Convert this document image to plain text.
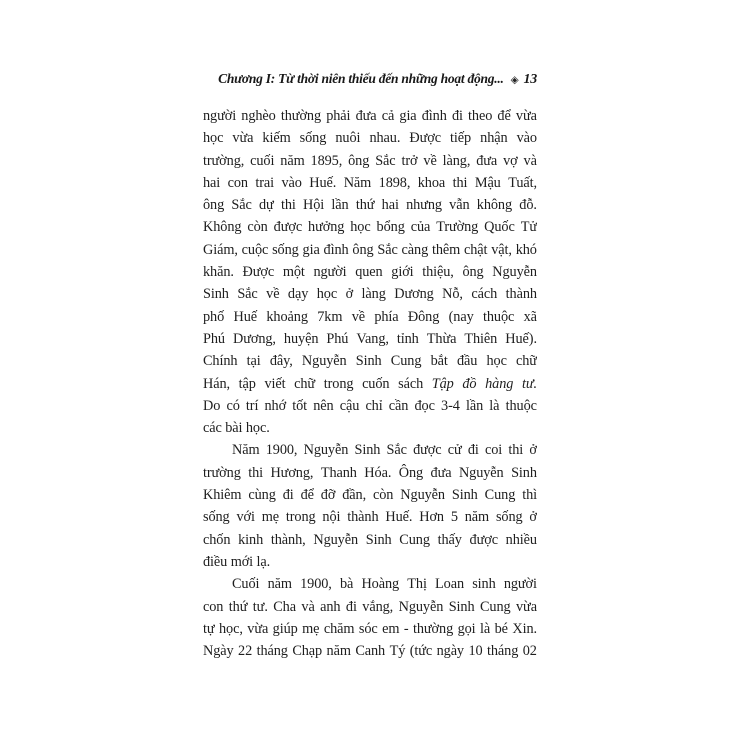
Chương I: Từ thời niên thiếu đến những hoạt động... ◈ 13
người nghèo thường phải đưa cả gia đình đi theo để vừa
học vừa kiếm sống nuôi nhau. Được tiếp nhận vào
trường, cuối năm 1895, ông Sắc trở về làng, đưa vợ và
hai con trai vào Huế. Năm 1898, khoa thi Mậu Tuất,
ông Sắc dự thi Hội lần thứ hai nhưng vẫn không đỗ.
Không còn được hưởng học bổng của Trường Quốc Tử
Giám, cuộc sống gia đình ông Sắc càng thêm chật vật, khó
khăn. Được một người quen giới thiệu, ông Nguyễn
Sinh Sắc về dạy học ở làng Dương Nỗ, cách thành
phố Huế khoảng 7km về phía Đông (nay thuộc xã
Phú Dương, huyện Phú Vang, tỉnh Thừa Thiên Huế).
Chính tại đây, Nguyễn Sinh Cung bắt đầu học chữ
Hán, tập viết chữ trong cuốn sách Tập đồ hàng tư.
Do có trí nhớ tốt nên cậu chỉ cần đọc 3-4 lần là thuộc
các bài học.
Năm 1900, Nguyễn Sinh Sắc được cử đi coi thi ở
trường thi Hương, Thanh Hóa. Ông đưa Nguyễn Sinh
Khiêm cùng đi để đỡ đần, còn Nguyễn Sinh Cung thì
sống với mẹ trong nội thành Huế. Hơn 5 năm sống ở
chốn kinh thành, Nguyễn Sinh Cung thấy được nhiều
điều mới lạ.
Cuối năm 1900, bà Hoàng Thị Loan sinh người
con thứ tư. Cha và anh đi vắng, Nguyễn Sinh Cung vừa
tự học, vừa giúp mẹ chăm sóc em - thường gọi là bé Xin.
Ngày 22 tháng Chạp năm Canh Tý (tức ngày 10 tháng 02
